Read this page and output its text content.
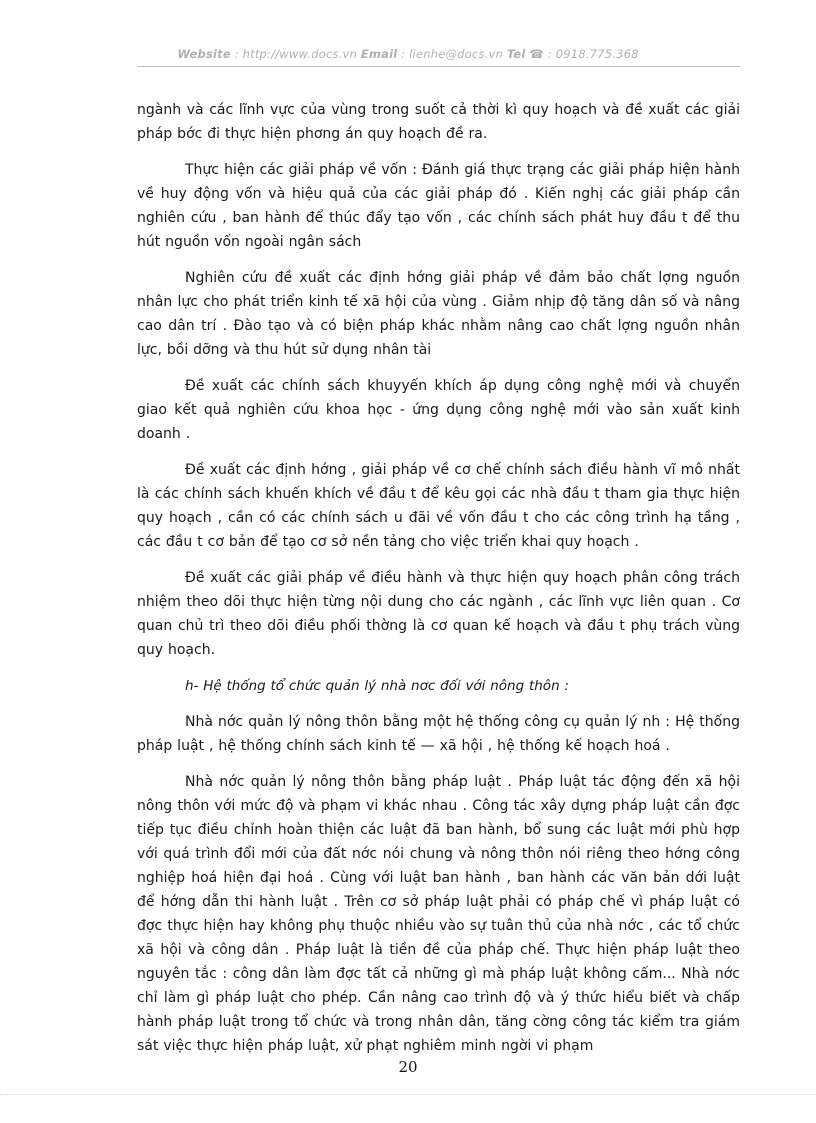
Website : http://www.docs.vn Email : lienhe@docs.vn Tel ☎ : 0918.775.368

ngành và các lĩnh vực của vùng trong suốt cả thời kì quy hoạch và đề xuất các giải pháp bớc đi thực hiện phơng án quy hoạch đề ra.

Thực hiện các giải pháp về vốn : Đánh giá thực trạng các giải pháp hiện hành về huy động vốn và hiệu quả của các giải pháp đó . Kiến nghị các giải pháp cần nghiên cứu , ban hành để thúc đẩy tạo vốn , các chính sách phát huy đầu t để thu hút nguồn vốn ngoài ngân sách

Nghiên cứu đề xuất các định hớng giải pháp về đảm bảo chất lợng nguồn nhân lực cho phát triển kinh tế xã hội của vùng . Giảm nhịp độ tăng dân số và nâng cao dân trí . Đào tạo và có biện pháp khác nhằm nâng cao chất lợng nguồn nhân lực, bồi dỡng và thu hút sử dụng nhân tài

Đề xuất các chính sách khuyyến khích áp dụng công nghệ mới và chuyển giao kết quả nghiên cứu khoa học - ứng dụng công nghệ mới vào sản xuất kinh doanh .

Đề xuất các định hớng , giải pháp về cơ chế chính sách điều hành vĩ mô nhất là các chính sách khuến khích về đầu t để kêu gọi các nhà đầu t tham gia thực hiện quy hoạch , cần có các chính sách u đãi về vốn đầu t cho các công trình hạ tầng , các đầu t cơ bản để tạo cơ sở nền tảng cho việc triển khai quy hoạch .

Đề xuất các giải pháp về điều hành và thực hiện quy hoạch phân công trách nhiệm theo dõi thực hiện từng nội dung cho các ngành , các lĩnh vực liên quan . Cơ quan chủ trì theo dõi điều phối thờng là cơ quan kế hoạch và đầu t phụ trách vùng quy hoạch.

h- Hệ thống tổ chức quản lý nhà nơc đối với nông thôn :

Nhà nớc quản lý nông thôn bằng một hệ thống công cụ quản lý nh : Hệ thống pháp luật , hệ thống chính sách kinh tế — xã hội , hệ thống kế hoạch hoá .

Nhà nớc quản lý nông thôn bằng pháp luật . Pháp luật tác động đến xã hội nông thôn với mức độ và phạm vi khác nhau . Công tác xây dựng pháp luật cần đợc tiếp tục điều chỉnh hoàn thiện các luật đã ban hành, bổ sung các luật mới phù hợp với quá trình đổi mới của đất nớc nói chung và nông thôn nói riêng theo hớng công nghiệp hoá hiện đại hoá . Cùng với luật ban hành , ban hành các văn bản dới luật để hớng dẫn thi hành luật . Trên cơ sở pháp luật phải có pháp chế vì pháp luật có đợc thực hiện hay không phụ thuộc nhiều vào sự tuân thủ của nhà nớc , các tổ chức xã hội và công dân . Pháp luật là tiền đề của pháp chế. Thực hiện pháp luật theo nguyên tắc : công dân làm đợc tất cả những gì mà pháp luật không cấm... Nhà nớc chỉ làm gì pháp luật cho phép. Cần nâng cao trình độ và ý thức hiểu biết và chấp hành pháp luật trong tổ chức và trong nhân dân, tăng cờng công tác kiểm tra giám sát việc thực hiện pháp luật, xử phạt nghiêm minh ngời vi phạm

20
